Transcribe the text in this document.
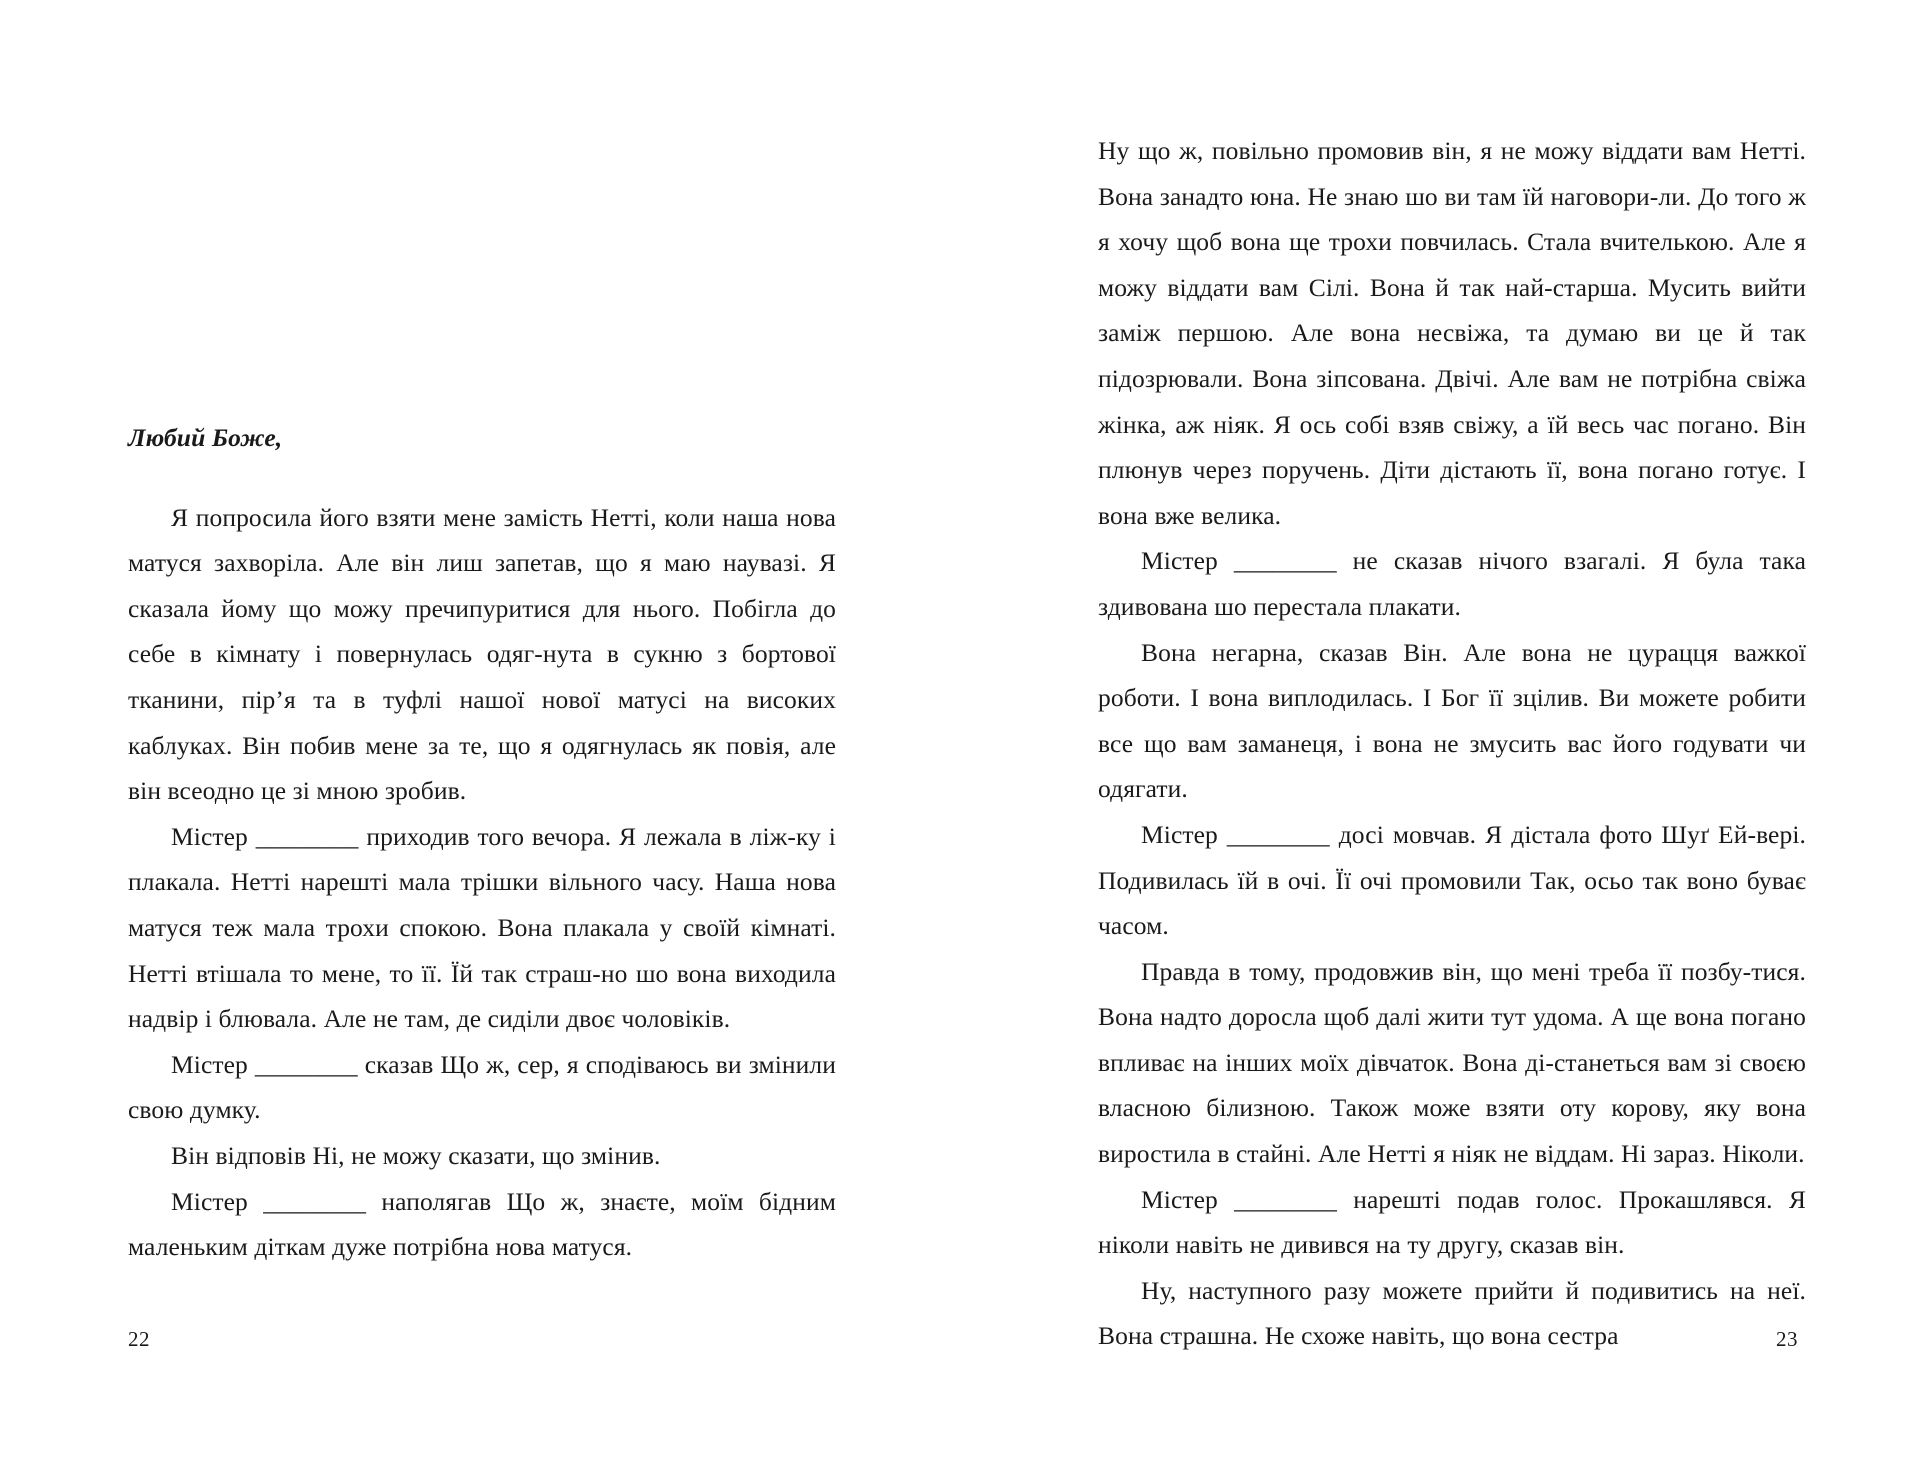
Любий Боже,

Я попросила його взяти мене замість Нетті, коли наша нова матуся захворіла. Але він лиш запетав, що я маю наувазі. Я сказала йому що можу пречипуритися для нього. Побігла до себе в кімнату і повернулась одяг-нута в сукню з бортової тканини, пір’я та в туфлі нашої нової матусі на високих каблуках. Він побив мене за те, що я одягнулась як повія, але він всеодно це зі мною зробив.

Містер ________ приходив того вечора. Я лежала в ліж-ку і плакала. Нетті нарешті мала трішки вільного часу. Наша нова матуся теж мала трохи спокою. Вона плакала у своїй кімнаті. Нетті втішала то мене, то її. Їй так страш-но шо вона виходила надвір і блювала. Але не там, де сиділи двоє чоловіків.

Містер ________ сказав Що ж, сер, я сподіваюсь ви змінили свою думку.

Він відповів Ні, не можу сказати, що змінив.

Містер ________ наполягав Що ж, знаєте, моїм бідним маленьким діткам дуже потрібна нова матуся.

22

Ну що ж, повільно промовив він, я не можу віддати вам Нетті. Вона занадто юна. Не знаю шо ви там їй наговори-ли. До того ж я хочу щоб вона ще трохи повчилась. Стала вчителькою. Але я можу віддати вам Сілі. Вона й так най-старша. Мусить вийти заміж першою. Але вона несвіжа, та думаю ви це й так підозрювали. Вона зіпсована. Двічі. Але вам не потрібна свіжа жінка, аж ніяк. Я ось собі взяв свіжу, а їй весь час погано. Він плюнув через поручень. Діти дістають її, вона погано готує. І вона вже велика.

Містер ________ не сказав нічого взагалі. Я була така здивована шо перестала плакати.

Вона негарна, сказав Він. Але вона не цурацця важкої роботи. І вона виплодилась. І Бог її зцілив. Ви можете робити все що вам заманеця, і вона не змусить вас його годувати чи одягати.

Містер ________ досі мовчав. Я дістала фото Шуґ Ей-вері. Подивилась їй в очі. Її очі промовили Так, осьо так воно буває часом.

Правда в тому, продовжив він, що мені треба її позбу-тися. Вона надто доросла щоб далі жити тут удома. А ще вона погано впливає на інших моїх дівчаток. Вона ді-станеться вам зі своєю власною білизною. Також може взяти оту корову, яку вона виростила в стайні. Але Нетті я ніяк не віддам. Ні зараз. Ніколи.

Містер ________ нарешті подав голос. Прокашлявся. Я ніколи навіть не дивився на ту другу, сказав він.

Ну, наступного разу можете прийти й подивитись на неї. Вона страшна. Не схоже навіть, що вона сестра	23
